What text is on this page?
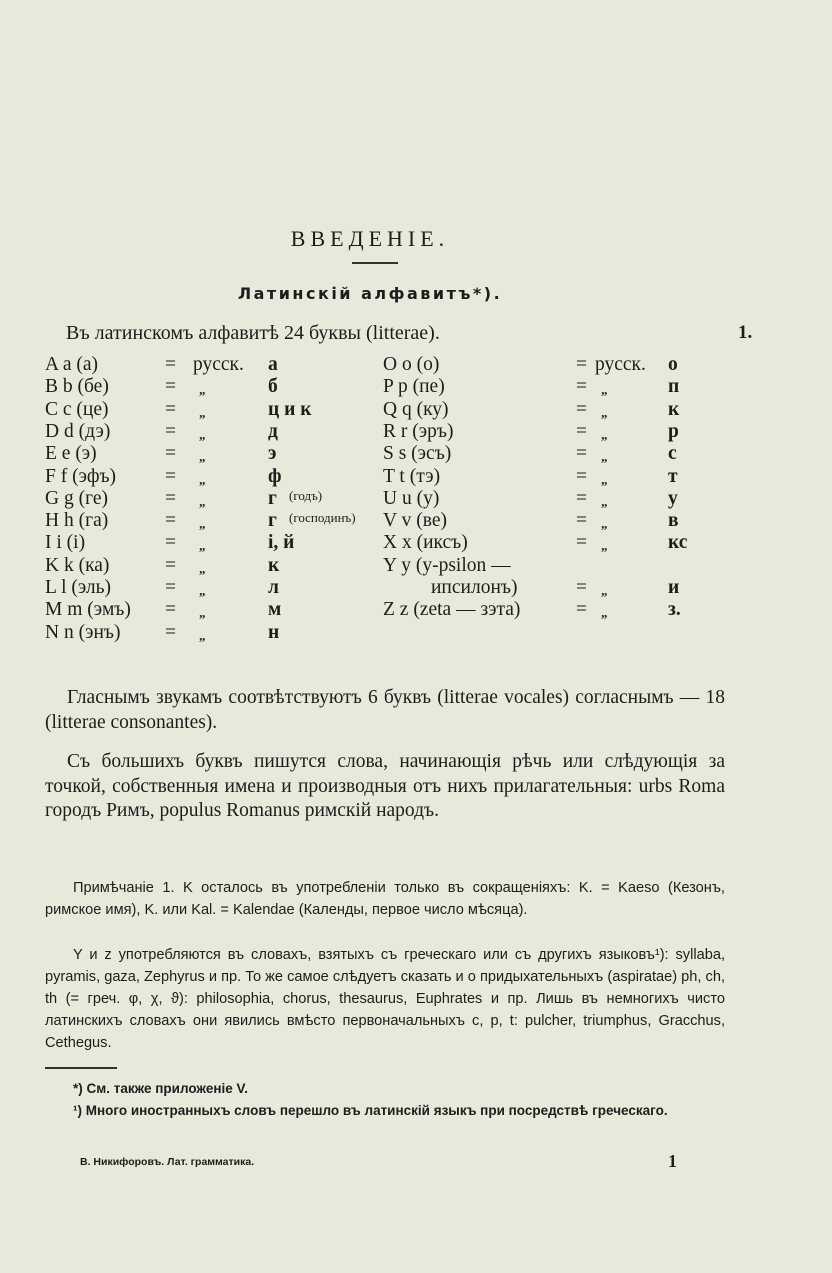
ВВЕДЕНІЕ.
Латинскій алфавитъ*).
Въ латинскомъ алфавитѣ 24 буквы (litterae).	1.
A a (а)	= русск. а
B b (бе)	= „	б
C c (це)	= „	ц и к
D d (дэ)	= „	д
E e (э)	= „	э
F f (эфъ)	= „	ф
G g (ге)	= „	г (годъ)
H h (га)	= „	г (господинъ)
I i (i)	= „	і, й
K k (ка)	= „	к
L l (эль)	= „	л
M m (эмъ) = „	м
N n (энъ) = „	н
O o (о)	= русск. о
P p (пе)	= „	п
Q q (ку)	= „	к
R r (эръ)	= „	р
S s (эсъ)	= „	с
T t (тэ)	= „	т
U u (у)	= „	у
V v (ве)	= „	в
X x (иксъ)	= „	кс
Y y (y-psilon —
ипсилонъ)	= „	и
Z z (zeta — зэта)	= „	з.

Гласнымъ звукамъ соотвѣтствуютъ 6 буквъ (litterae vocales) согласнымъ — 18 (litterae consonantes).

Съ большихъ буквъ пишутся слова, начинающія рѣчь или слѣдующія за точкой, собственныя имена и производныя отъ нихъ прилагательныя: urbs Roma городъ Римъ, populus Romanus римскій народъ.

Примѣчаніе 1. K осталось въ употребленіи только въ сокращеніяхъ: K. = Kaeso (Кезонъ, римское имя), K. или Kal. = Kalendae (Календы, первое число мѣсяца).

Y и z употребляются въ словахъ, взятыхъ съ греческаго или съ другихъ языковъ¹): syllaba, pyramis, gaza, Zephyrus и пр. То же самое слѣдуетъ сказать и о придыхательныхъ (aspiratae) ph, ch, th (= греч. φ, χ, ϑ): philosophia, chorus, thesaurus, Euphrates и пр. Лишь въ немногихъ чисто латинскихъ словахъ они явились вмѣсто первоначальныхъ c, p, t: pulcher, triumphus, Gracchus, Cethegus.

*) См. также приложеніе V.

¹) Много иностранныхъ словъ перешло въ латинскій языкъ при посредствѣ греческаго.

В. Никифоровъ. Лат. грамматика.	1
